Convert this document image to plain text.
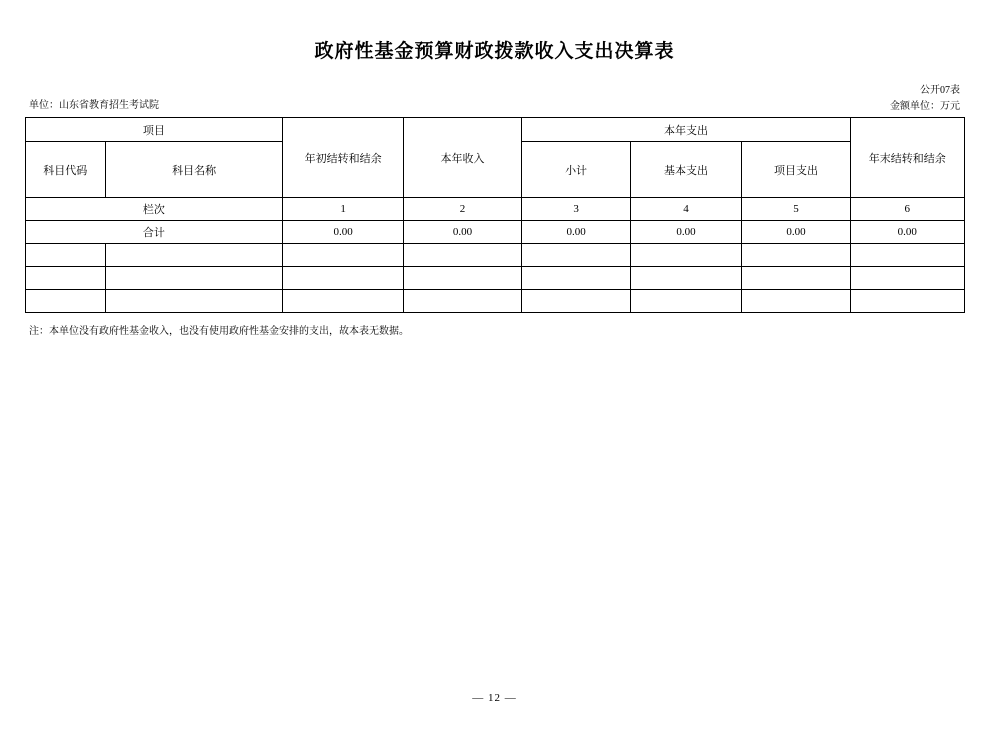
政府性基金预算财政拨款收入支出决算表
单位：山东省教育招生考试院
公开07表
金额单位：万元
项目		年初结转和结余	本年收入	本年支出			年末结转和结余
科目代码	科目名称			小计	基本支出	项目支出	
栏次		1	2	3	4	5	6
合计		0.00	0.00	0.00	0.00	0.00	0.00

注：本单位没有政府性基金收入，也没有使用政府性基金安排的支出，故本表无数据。
— 12 —
